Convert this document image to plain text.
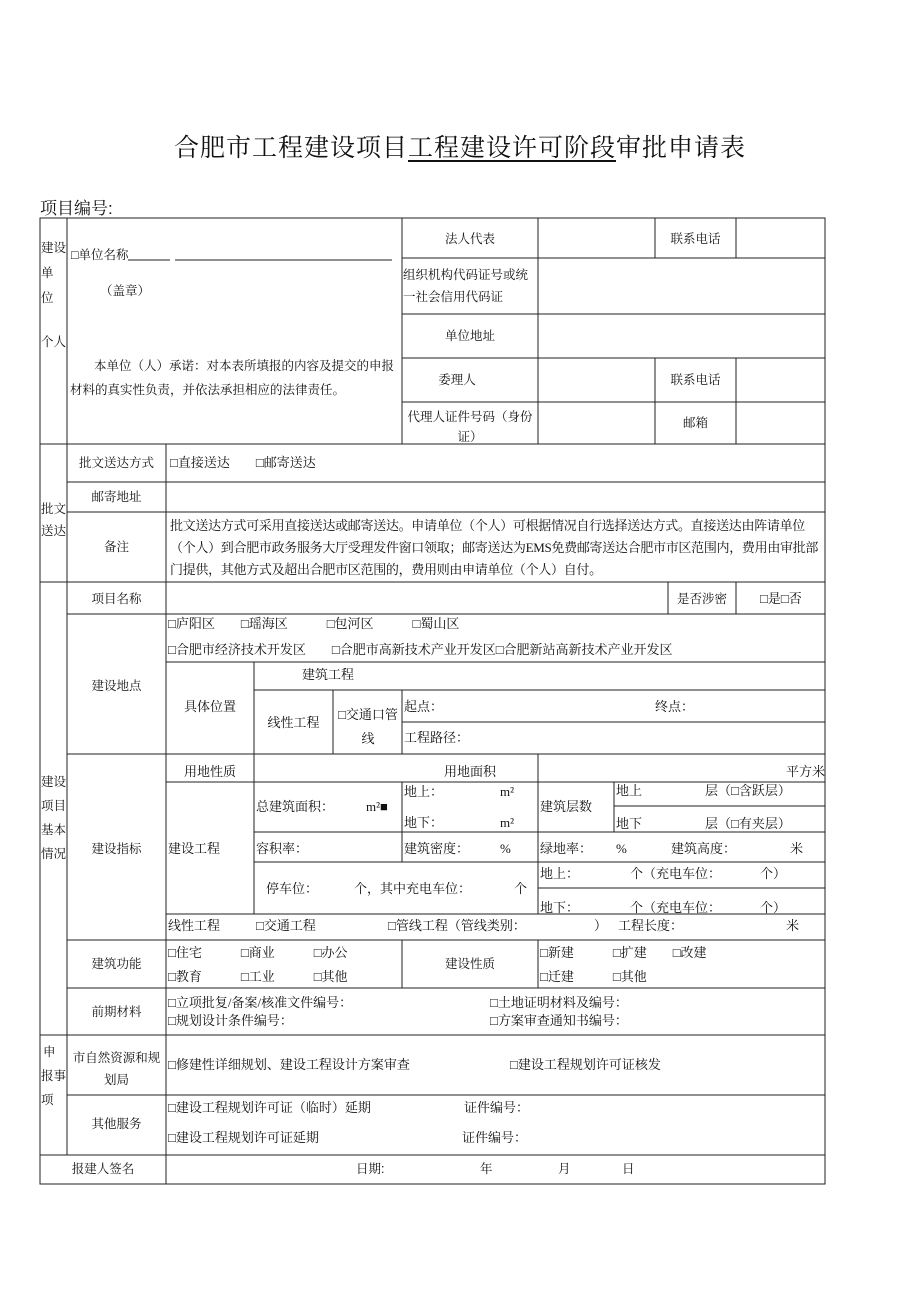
合肥市工程建设项目工程建设许可阶段审批申请表
项目编号:
建设
单
位
个人
□单位名称
（盖章）
本单位（人）承诺：对本表所填报的内容及提交的申报材料的真实性负责，并依法承担相应的法律责任。
法人代表	联系电话
组织机构代码证号或统一社会信用代码证
单位地址
委理人	联系电话
代理人证件号码（身份证）
邮箱
批文送达
批文送达方式	□直接送达　　□邮寄送达
邮寄地址
备注
批文送达方式可采用直接送达或邮寄送达。申请单位（个人）可根据情况自行选择送达方式。直接送达由阵请单位（个人）到合肥市政务服务大厅受理发件窗口领取；邮寄送达为EMS免费邮寄送达合肥市市区范围内，费用由审批部门提供，其他方式及超出合肥市区范围的，费用则由申请单位（个人）自付。
建设项目基本情况
项目名称	是否涉密	□是□否
建设地点
□庐阳区　　□瑶海区　　　□包河区　　　□蜀山区
□合肥市经济技术开发区　　□合肥市高新技术产业开发区□合肥新站高新技术产业开发区
具体位置
建筑工程
线性工程
□交通口管线
起点：	终点：
工程路径：
建设指标
用地性质	用地面积	平方米
建设工程
总建筑面积： m²■
地上：	m²
地下：	m²
建筑层数
地上	层（□含跃层）
地下	层（□有夹层）
容积率：	建筑密度： % 绿地率： %	建筑高度：	米
停车位：	个，其中充电车位：	个
地上：	个（充电车位：	个）
地下：	个（充电车位：	个）
线性工程	□交通工程	□管线工程（管线类别：	） 工程长度：	米
建筑功能
□住宅　　　□商业　　　□办公
□教育　　　□工业　　　□其他
建设性质
□新建　　　□扩建　　□改建
□迁建　　　□其他
前期材料
□立项批复/备案/核准文件编号：	□土地证明材料及编号：
□规划设计条件编号：	□方案审查通知书编号：
申
报事
项
市自然资源和规划局
□修建性详细规划、建设工程设计方案审查	□建设工程规划许可证核发
其他服务
□建设工程规划许可证（临时）延期	证件编号：
□建设工程规划许可证延期	证件编号：
报建人签名	日期:	年	月	日
